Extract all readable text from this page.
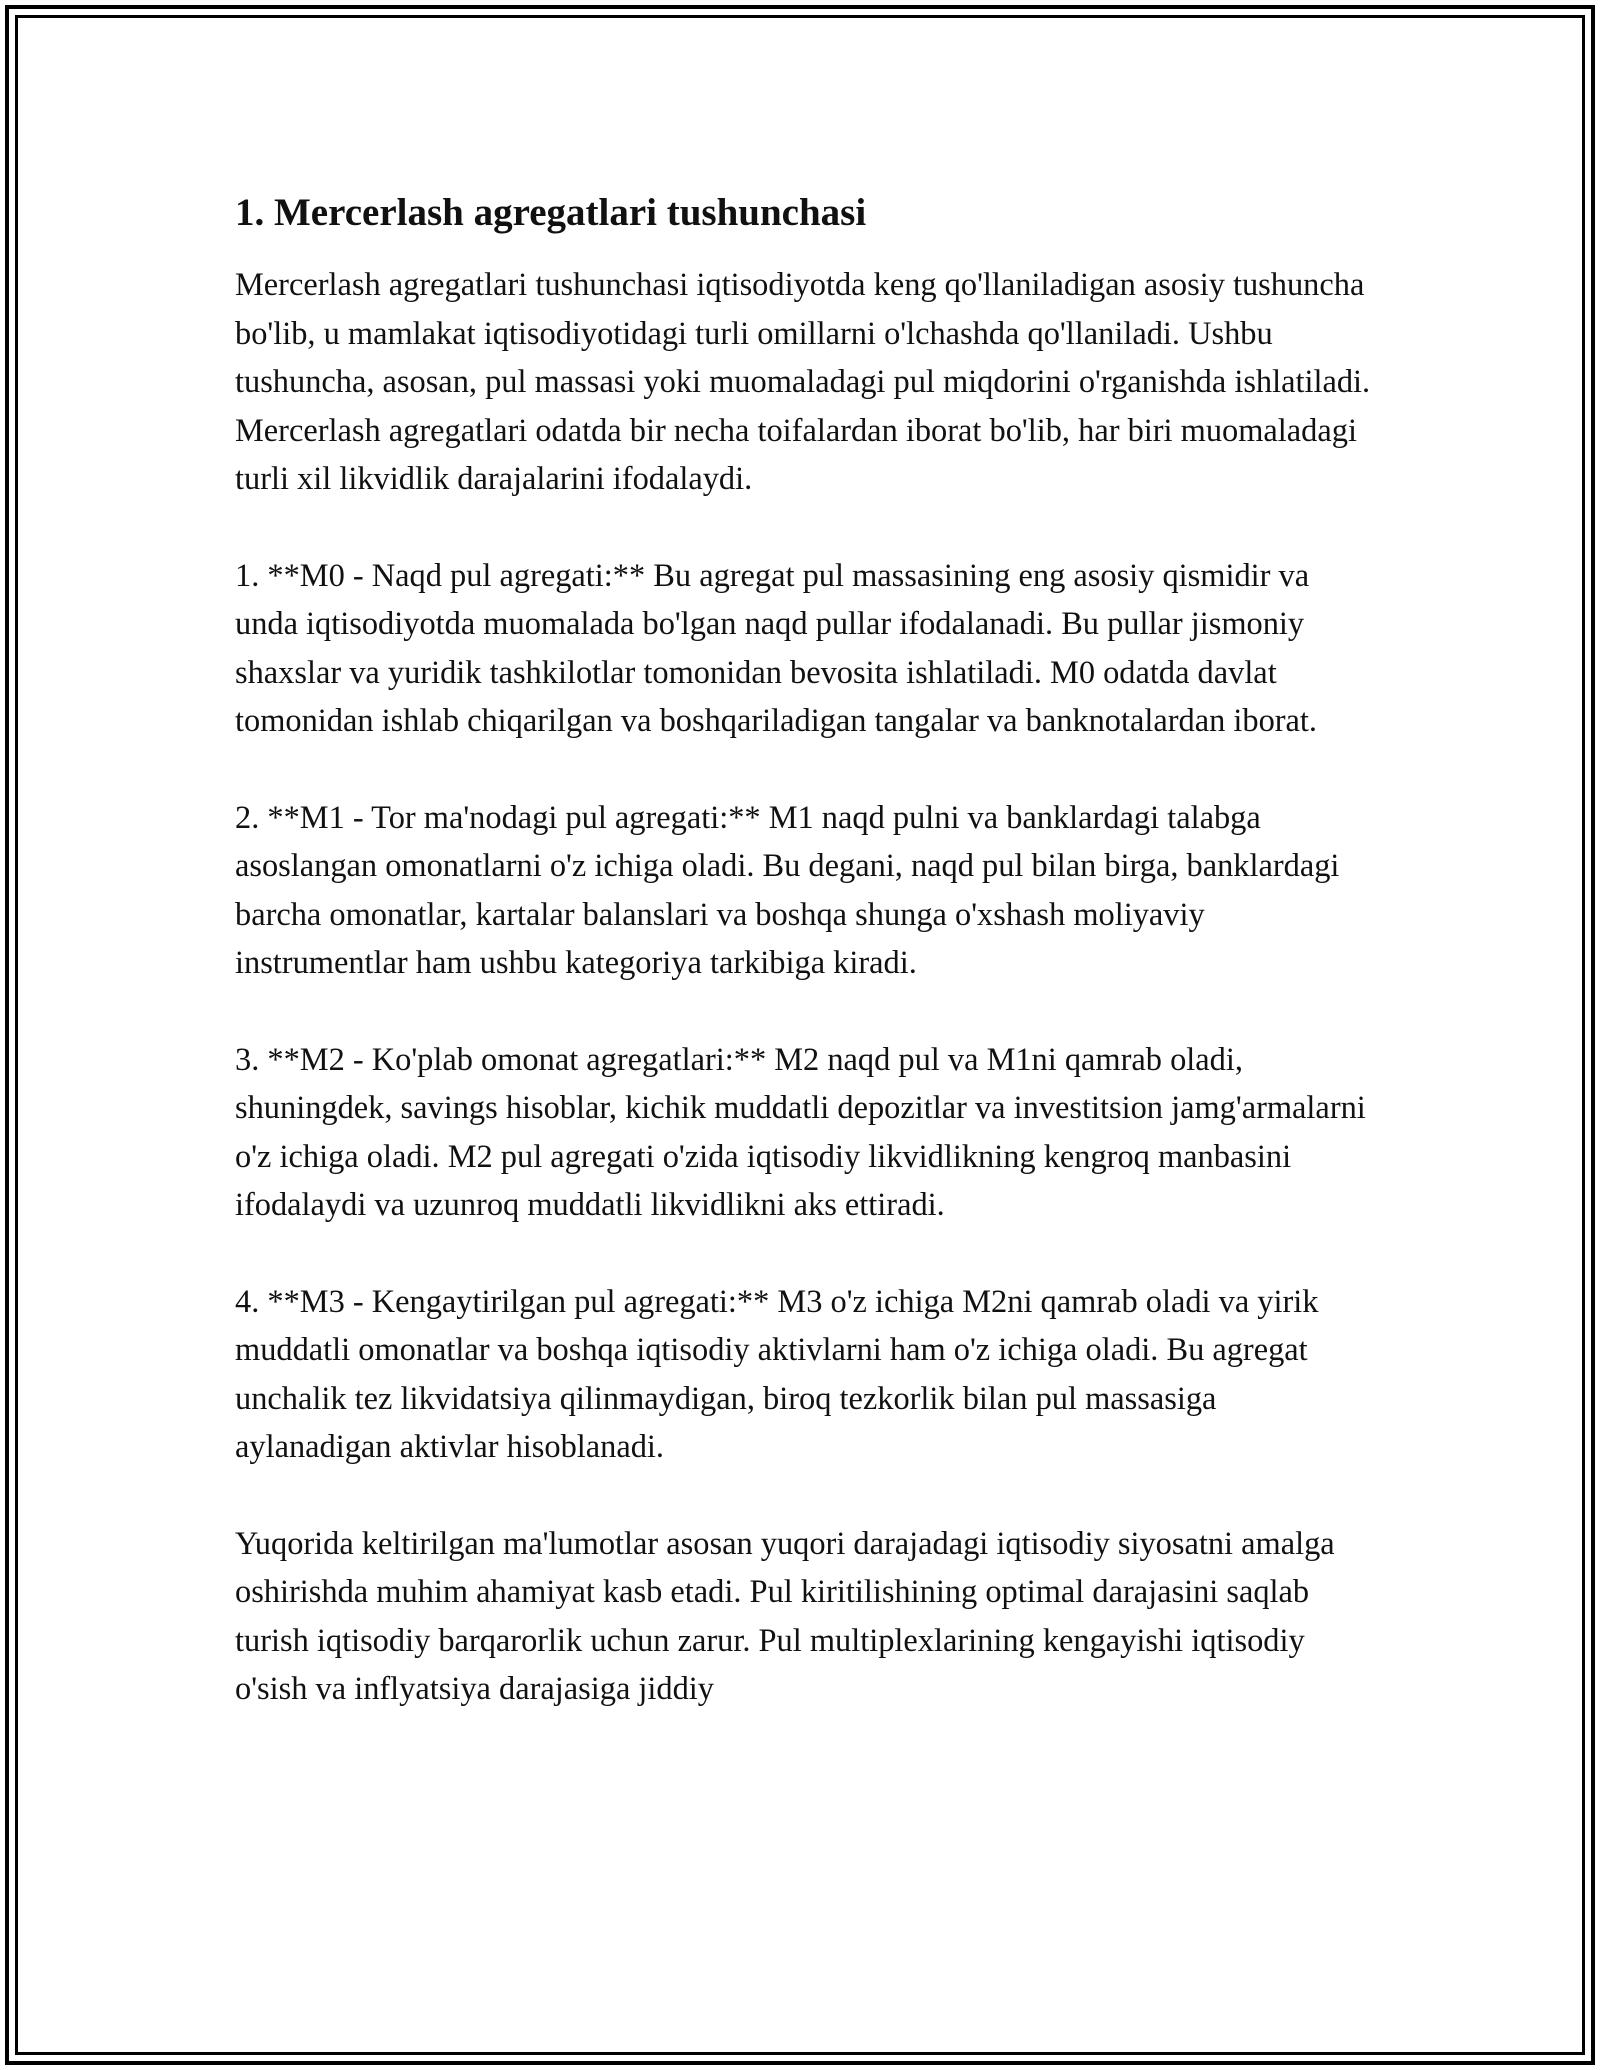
1. Mercerlash agregatlari tushunchasi

Mercerlash agregatlari tushunchasi iqtisodiyotda keng qo'llaniladigan asosiy tushuncha bo'lib, u mamlakat iqtisodiyotidagi turli omillarni o'lchashda qo'llaniladi. Ushbu tushuncha, asosan, pul massasi yoki muomaladagi pul miqdorini o'rganishda ishlatiladi. Mercerlash agregatlari odatda bir necha toifalardan iborat bo'lib, har biri muomaladagi turli xil likvidlik darajalarini ifodalaydi.

1. **M0 - Naqd pul agregati:** Bu agregat pul massasining eng asosiy qismidir va unda iqtisodiyotda muomalada bo'lgan naqd pullar ifodalanadi. Bu pullar jismoniy shaxslar va yuridik tashkilotlar tomonidan bevosita ishlatiladi. M0 odatda davlat tomonidan ishlab chiqarilgan va boshqariladigan tangalar va banknotalardan iborat.

2. **M1 - Tor ma'nodagi pul agregati:** M1 naqd pulni va banklardagi talabga asoslangan omonatlarni o'z ichiga oladi. Bu degani, naqd pul bilan birga, banklardagi barcha omonatlar, kartalar balanslari va boshqa shunga o'xshash moliyaviy instrumentlar ham ushbu kategoriya tarkibiga kiradi.

3. **M2 - Ko'plab omonat agregatlari:** M2 naqd pul va M1ni qamrab oladi, shuningdek, savings hisoblar, kichik muddatli depozitlar va investitsion jamg'armalarni o'z ichiga oladi. M2 pul agregati o'zida iqtisodiy likvidlikning kengroq manbasini ifodalaydi va uzunroq muddatli likvidlikni aks ettiradi.

4. **M3 - Kengaytirilgan pul agregati:** M3 o'z ichiga M2ni qamrab oladi va yirik muddatli omonatlar va boshqa iqtisodiy aktivlarni ham o'z ichiga oladi. Bu agregat unchalik tez likvidatsiya qilinmaydigan, biroq tezkorlik bilan pul massasiga aylanadigan aktivlar hisoblanadi.

Yuqorida keltirilgan ma'lumotlar asosan yuqori darajadagi iqtisodiy siyosatni amalga oshirishda muhim ahamiyat kasb etadi. Pul kiritilishining optimal darajasini saqlab turish iqtisodiy barqarorlik uchun zarur. Pul multiplexlarining kengayishi iqtisodiy o'sish va inflyatsiya darajasiga jiddiy
